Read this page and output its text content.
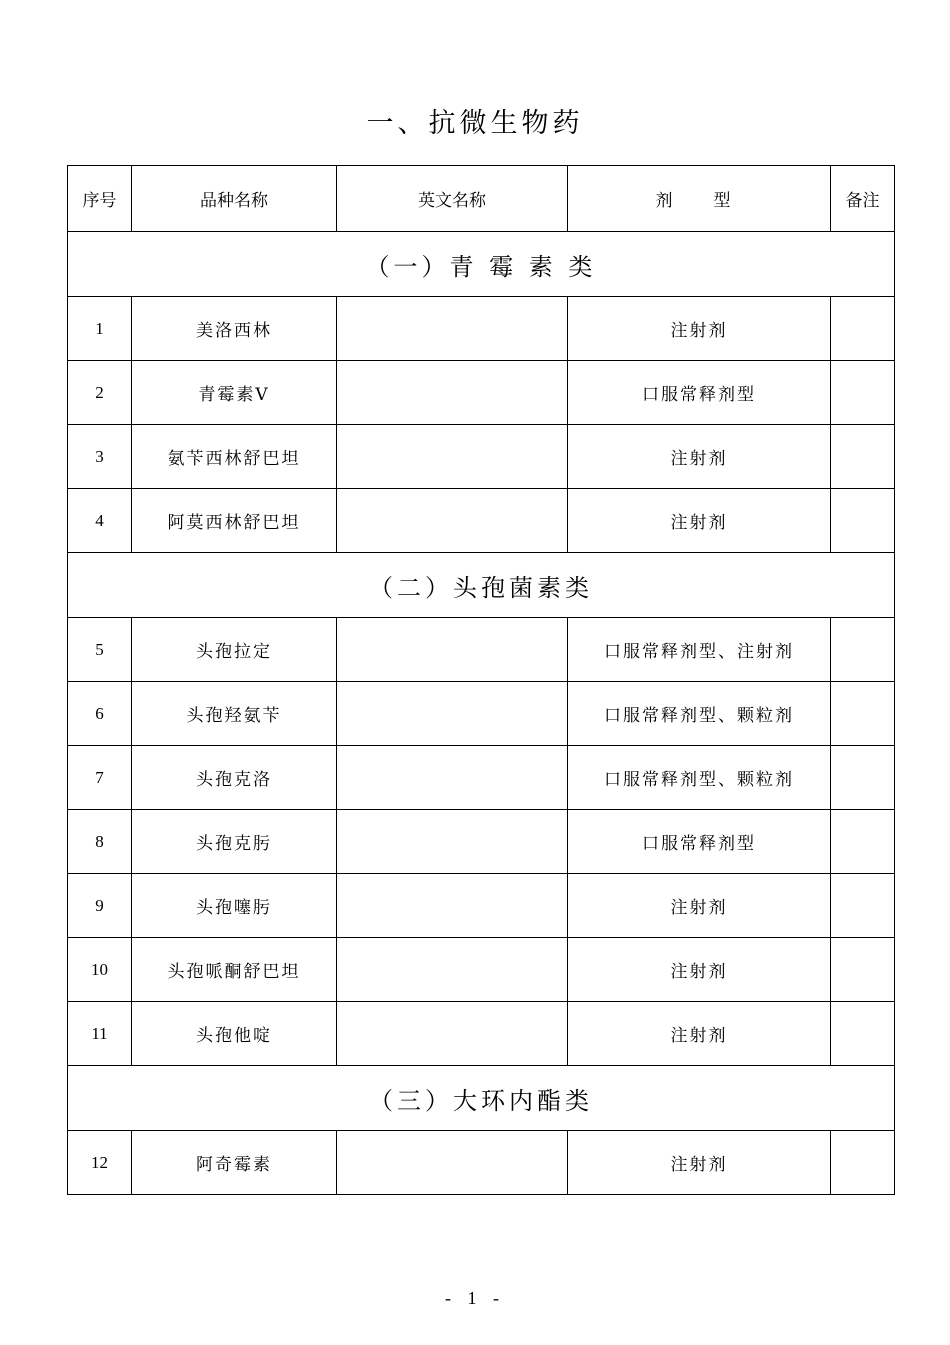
一、抗微生物药
序号	品种名称	英文名称	剂　型	备注
（一）青 霉 素 类				
1	美洛西林		注射剂	
2	青霉素V		口服常释剂型	
3	氨苄西林舒巴坦		注射剂	
4	阿莫西林舒巴坦		注射剂	
（二）头孢菌素类				
5	头孢拉定		口服常释剂型、注射剂	
6	头孢羟氨苄		口服常释剂型、颗粒剂	
7	头孢克洛		口服常释剂型、颗粒剂	
8	头孢克肟		口服常释剂型	
9	头孢噻肟		注射剂	
10	头孢哌酮舒巴坦		注射剂	
11	头孢他啶		注射剂	
（三）大环内酯类				
12	阿奇霉素		注射剂	
- 1 -
